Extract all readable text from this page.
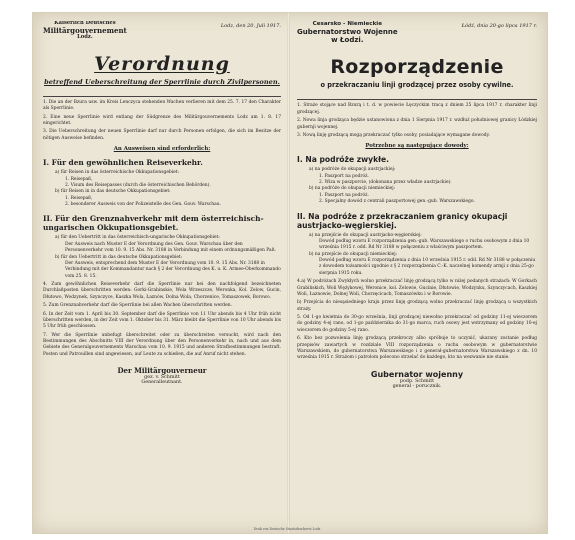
Kaiserlich Deutsches
Militärgouvernement
Lodz.
Lodz, den 20. Juli 1917.
Verordnung
betreffend Ueberschreitung der Sperrlinie durch Zivilpersonen.
1. Die an der Bzura usw. im Kreis Lenczyca stehenden Wachen verlieren mit dem 25. 7. 17 den Charakter als Sperrlinie.
2. Eine neue Sperrlinie wird entlang der Südgrenze des Militärgouvernements Lodz am 1. 8. 17 eingerichtet.
3. Die Ueberschreitung der neuen Sperrlinie darf nur durch Personen erfolgen, die sich im Besitze der nötigen Ausweise befinden.
An Ausweisen sind erforderlich:
I. Für den gewöhnlichen Reiseverkehr.
a) für Reisen in das österreichische Okkupationsgebiet:
1. Reisepaß,
2. Visum des Reisepasses (durch die österreichischen Behörden).
b) für Reisen in in das deutsche Okkupationsgebiet:
1. Reisepaß,
2. besonderer Ausweis von der Polizeistelle des Gen. Gouv. Warschau.
II. Für den Grenznahverkehr mit dem österreichisch-ungarischen Okkupationsgebiet.
a) für den Uebertritt in das österreichisch-ungarische Okkupationsgebiet:
Der Ausweis nach Muster E der Verordnung des Gen. Gouv. Warschau über den Personenverkehr vom 10. 9. 15 Abs. Nr. 3188 in Verbindung mit einem ordnungsmäßigen Paß.
b) für den Uebertritt in das deutsche Okkupationsgebiet:
Der Ausweis, entsprechend dem Muster E der Verordnung vom 10. 9. 15 Abs. Nr. 3188 in Verbindung mit der Kommandantur nach § 2 der Verordnung des K. u. K. Armee-Oberkommando vom 25. 8. 15.
4. Zum gewöhnlichen Reiseverkehr darf die Sperrlinie nur bei den nachfolgend bezeichneten Durchlaßposten überschritten werden: Gorki-Grabinskie, Wola Wrzeszcze, Weronka, Kol. Zelow, Gucin, Dłutowo, Wodzynek, Szynczyce, Kaszka Wola, Łaznów, Dolna Wola, Chorzenice, Tomaszowek, Borowo.
5. Zum Grenznahverkehr darf die Sperrlinie bei allen Wachen überschritten werden.
6. In der Zeit vom 1. April bis 30. September darf die Sperrlinie von 11 Uhr abends bis 4 Uhr früh nicht überschritten werden, in der Zeit vom 1. Oktober bis 31. März bleibt die Sperrlinie von 10 Uhr abends bis 5 Uhr früh geschlossen.
7. Wer die Sperrlinie unbefugt überschreitet oder zu überschreiten versucht, wird nach den Bestimmungen des Abschnitts VIII der Verordnung über den Personenverkehr in, nach und aus dem Gebiete des Generalgouvernements Warschau vom 10. 9. 1915 und anderen Strafbestimmungen bestraft. Posten und Patrouillen sind angewiesen, auf Leute zu schießen, die auf Anruf nicht stehen.
Der Militärgouverneur
gez. v. Schmitt
Generalleutnant.
Cesarsko - Niemieckie
Gubernatorstwo Wojenne
w Łodzi.
Łódź, dnia 20-go lipca 1917 r.
Rozporządzenie
o przekraczaniu linji grodzącej przez osoby cywilne.
1. Straże stojące nad Bzurą i t. d. w powiecie Łęczyckim tracą z dniem 25 lipca 1917 r. charakter linji grodzącej.
2. Nowa linja grodząca będzie ustanowiona z dnia 1 Sierpnia 1917 r. wzdłuż południowej granicy Łódzkiej gubernji wojennej.
3. Nową linję grodzącą mogą przekraczać tylko osoby, posiadające wymagane dowody.
Potrzebne są następujące dowody:
I. Na podróże zwykłe.
a) na podróże do okupacji austrjackiej:
1. Paszport na podróż.
2. Wiza w paszporcie, (dokonana przez władze austrjackie).
b) na podróże do okupacji niemieckiej:
1. Paszport na podróż.
2. Specjalny dowód z centrali paszportowej gen.-gub. Warszawskiego.
II. Na podróże z przekraczaniem granicy okupacji austrjacko-węgierskiej.
a) na przejście do okupacji austrjacko-węgierskiej:
Dowód podług wzoru E rozporządzenia gen.-gub. Warszawskiego o ruchu osobowym z dnia 10 września 1915 r. odd. Rd Nr 3188 w połączeniu z właściwym paszportem.
b) na przejście do okupacji niemieckiej:
Dowód podług wzoru E rozporządzenia z dnia 10 września 1915 r. odd. Rd Nr 3188 w połączeniu z dowodem tożsamości zgodnie z § 2 rozporządzenia C.-K. naczelnej komendy armji z dnia 25-go sierpnia 1915 roku.
4.a) W podróżach Zwykłych wolno przekraczać linję grodzącą tylko w niżej podanych strażach: W Gorkach Grabińskich, Woli Wężykowej, Weronice, kol. Zelowie, Gucinie, Dłutowie, Wodzynku, Szynczycach, Kaszkiej Woli, Łaznowie, Dolnej Woli, Chorzęcicach, Tomaszówku i w Borowie.
b) Przejścia do niesąsiedniego kraju przez linję grodzącą wolno przekraczać linję grodzącą u wszystkich straży.
5. Od 1-go kwietnia do 30-go września, linji grodzącej niewolno przekraczać od godziny 11-ej wieczorem do godziny 4-ej rano, od 1-go października do 31-go marca, ruch osowy jest wstrzymany od godziny 10-ej wieczorem do godziny 5-ej rano.
6. Kto bez pozwolenia linję grodzącą przekroczy albo spróbuje to uczynić, ukarany zostanie podług przepisów zawartych w rozdziale VIII rozporządzenia o ruchu osobowym w gubernatorstwie Warszawskiem, do gubernatorstwa Warszawskiego i z generał-gubernatorstwa Warszawskiego z dn. 10 września 1915 r. Strażom i patrolom polecono strzelać do każdego, kto na wezwanie nie stanie.
Gubernator wojenny
podp. Schmitt
general - porucznik.
Druk von Deutsche Staatsdruckerei Lodz
